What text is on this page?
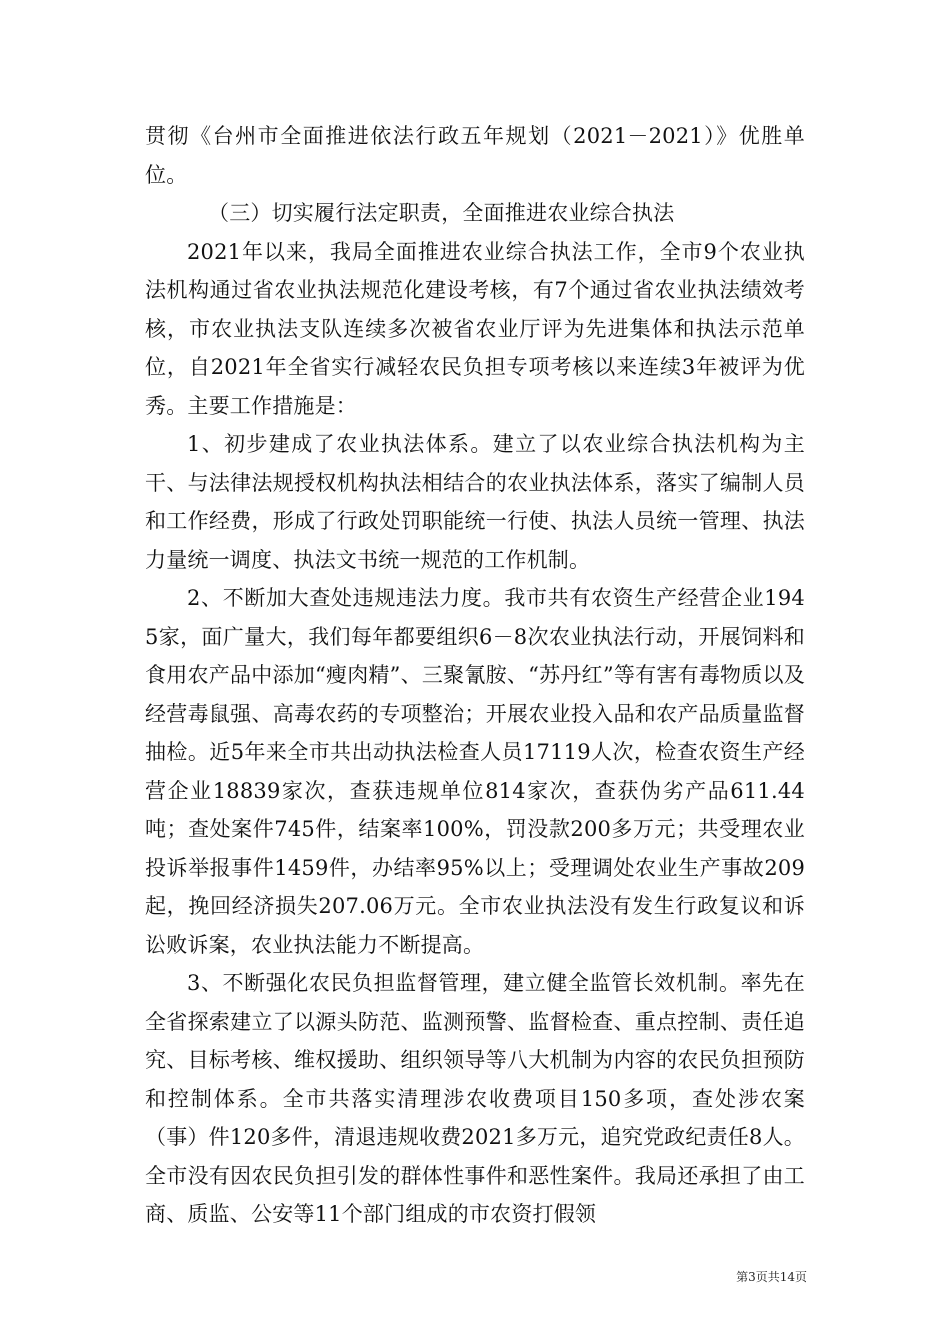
贯彻《台州市全面推进依法行政五年规划（2021－2021）》优胜单位。

（三）切实履行法定职责，全面推进农业综合执法

2021年以来，我局全面推进农业综合执法工作，全市9个农业执法机构通过省农业执法规范化建设考核，有7个通过省农业执法绩效考核，市农业执法支队连续多次被省农业厅评为先进集体和执法示范单位，自2021年全省实行减轻农民负担专项考核以来连续3年被评为优秀。主要工作措施是：

1、初步建成了农业执法体系。建立了以农业综合执法机构为主干、与法律法规授权机构执法相结合的农业执法体系，落实了编制人员和工作经费，形成了行政处罚职能统一行使、执法人员统一管理、执法力量统一调度、执法文书统一规范的工作机制。

2、不断加大查处违规违法力度。我市共有农资生产经营企业1945家，面广量大，我们每年都要组织6－8次农业执法行动，开展饲料和食用农产品中添加“瘦肉精”、三聚氰胺、“苏丹红”等有害有毒物质以及经营毒鼠强、高毒农药的专项整治；开展农业投入品和农产品质量监督抽检。近5年来全市共出动执法检查人员17119人次，检查农资生产经营企业18839家次，查获违规单位814家次，查获伪劣产品611.44吨；查处案件745件，结案率100%，罚没款200多万元；共受理农业投诉举报事件1459件，办结率95%以上；受理调处农业生产事故209起，挽回经济损失207.06万元。全市农业执法没有发生行政复议和诉讼败诉案，农业执法能力不断提高。

3、不断强化农民负担监督管理，建立健全监管长效机制。率先在全省探索建立了以源头防范、监测预警、监督检查、重点控制、责任追究、目标考核、维权援助、组织领导等八大机制为内容的农民负担预防和控制体系。全市共落实清理涉农收费项目150多项，查处涉农案（事）件120多件，清退违规收费2021多万元，追究党政纪责任8人。全市没有因农民负担引发的群体性事件和恶性案件。我局还承担了由工商、质监、公安等11个部门组成的市农资打假领

第3页共14页
